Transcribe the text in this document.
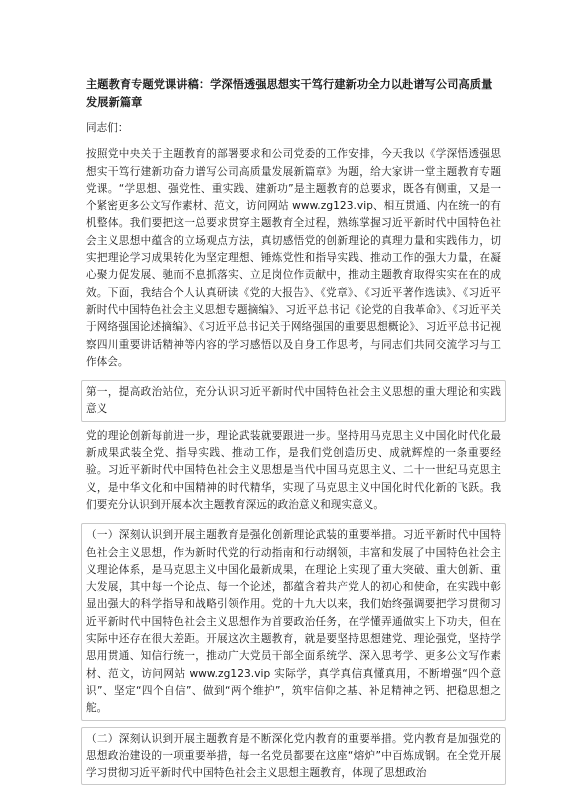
主题教育专题党课讲稿：学深悟透强思想实干笃行建新功全力以赴谱写公司高质量发展新篇章

同志们：

按照党中央关于主题教育的部署要求和公司党委的工作安排，今天我以《学深悟透强思想实干笃行建新功奋力谱写公司高质量发展新篇章》为题，给大家讲一堂主题教育专题党课。“学思想、强党性、重实践、建新功”是主题教育的总要求，既各有侧重，又是一个紧密更多公文写作素材、范文，访问网站 www.zg123.vip、相互贯通、内在统一的有机整体。我们要把这一总要求贯穿主题教育全过程，熟练掌握习近平新时代中国特色社会主义思想中蕴含的立场观点方法，真切感悟党的创新理论的真理力量和实践伟力，切实把理论学习成果转化为坚定理想、锤炼党性和指导实践、推动工作的强大力量，在凝心聚力促发展、驰而不息抓落实、立足岗位作贡献中，推动主题教育取得实实在在的成效。下面，我结合个人认真研读《党的大报告》、《党章》、《习近平著作选读》、《习近平新时代中国特色社会主义思想专题摘编》、习近平总书记《论党的自我革命》、《习近平关于网络强国论述摘编》、《习近平总书记关于网络强国的重要思想概论》、习近平总书记视察四川重要讲话精神等内容的学习感悟以及自身工作思考，与同志们共同交流学习与工作体会。

第一，提高政治站位，充分认识习近平新时代中国特色社会主义思想的重大理论和实践意义

党的理论创新每前进一步，理论武装就要跟进一步。坚持用马克思主义中国化时代化最新成果武装全党、指导实践、推动工作，是我们党创造历史、成就辉煌的一条重要经验。习近平新时代中国特色社会主义思想是当代中国马克思主义、二十一世纪马克思主义，是中华文化和中国精神的时代精华，实现了马克思主义中国化时代化新的飞跃。我们要充分认识到开展本次主题教育深远的政治意义和现实意义。

（一）深刻认识到开展主题教育是强化创新理论武装的重要举措。习近平新时代中国特色社会主义思想，作为新时代党的行动指南和行动纲领，丰富和发展了中国特色社会主义理论体系，是马克思主义中国化最新成果，在理论上实现了重大突破、重大创新、重大发展，其中每一个论点、每一个论述，都蕴含着共产党人的初心和使命，在实践中彰显出强大的科学指导和战略引领作用。党的十九大以来，我们始终强调要把学习贯彻习近平新时代中国特色社会主义思想作为首要政治任务，在学懂弄通做实上下功夫，但在实际中还存在很大差距。开展这次主题教育，就是要坚持思想建党、理论强党，坚持学思用贯通、知信行统一，推动广大党员干部全面系统学、深入思考学、更多公文写作素材、范文，访问网站 www.zg123.vip 实际学，真学真信真懂真用，不断增强“四个意识”、坚定“四个自信”、做到“两个维护”，筑牢信仰之基、补足精神之钙、把稳思想之舵。

（二）深刻认识到开展主题教育是不断深化党内教育的重要举措。党内教育是加强党的思想政治建设的一项重要举措，每一名党员都要在这座“熔炉”中百炼成钢。在全党开展学习贯彻习近平新时代中国特色社会主义思想主题教育，体现了思想政治
